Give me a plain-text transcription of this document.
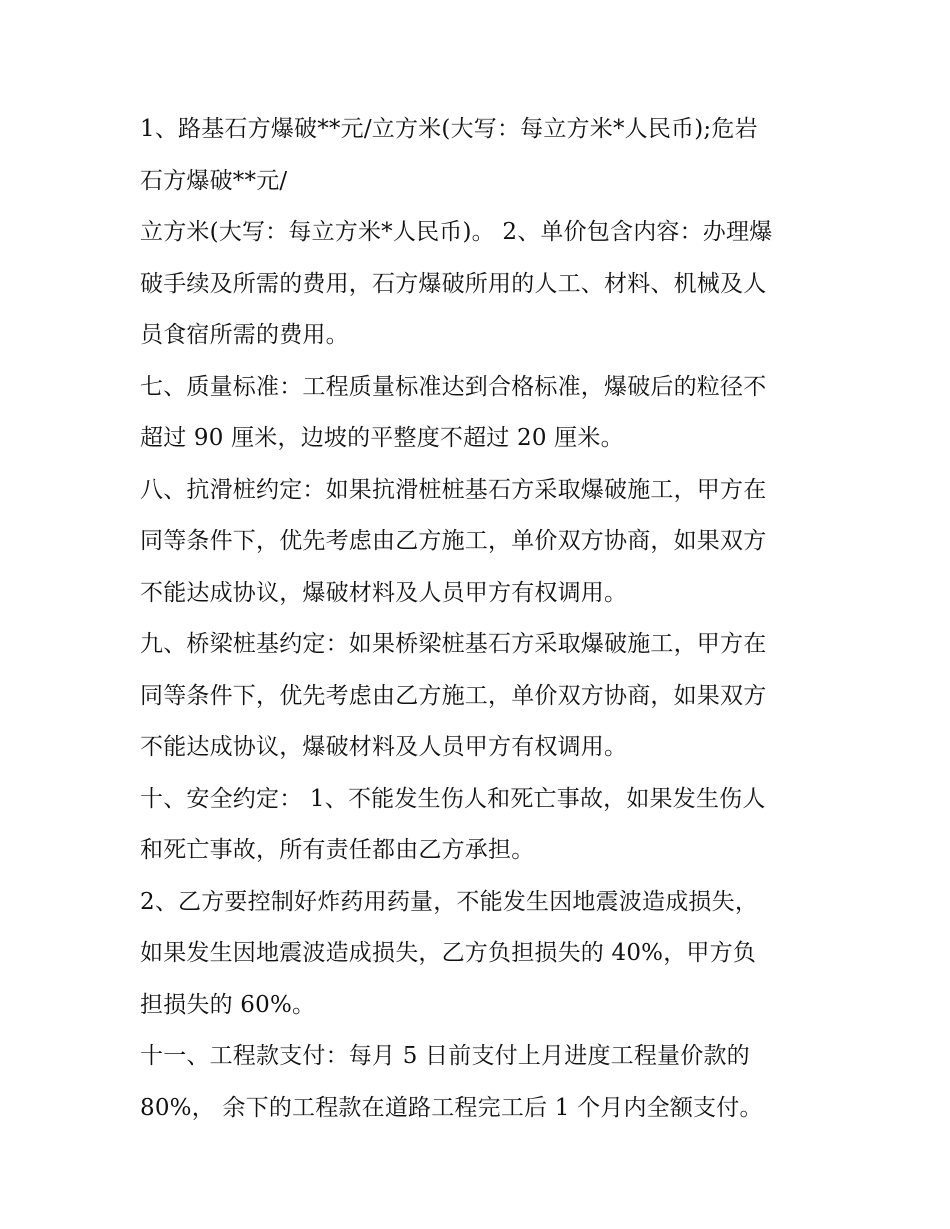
1、路基石方爆破**元/立方米(大写：每立方米*人民币);危岩
石方爆破**元/
立方米(大写：每立方米*人民币)。 2、单价包含内容：办理爆
破手续及所需的费用，石方爆破所用的人工、材料、机械及人
员食宿所需的费用。
七、质量标准：工程质量标准达到合格标准，爆破后的粒径不
超过 90 厘米，边坡的平整度不超过 20 厘米。
八、抗滑桩约定：如果抗滑桩桩基石方采取爆破施工，甲方在
同等条件下，优先考虑由乙方施工，单价双方协商，如果双方
不能达成协议，爆破材料及人员甲方有权调用。
九、桥梁桩基约定：如果桥梁桩基石方采取爆破施工，甲方在
同等条件下，优先考虑由乙方施工，单价双方协商，如果双方
不能达成协议，爆破材料及人员甲方有权调用。
十、安全约定： 1、不能发生伤人和死亡事故，如果发生伤人
和死亡事故，所有责任都由乙方承担。
2、乙方要控制好炸药用药量，不能发生因地震波造成损失，
如果发生因地震波造成损失，乙方负担损失的 40%，甲方负
担损失的 60%。
十一、工程款支付：每月 5 日前支付上月进度工程量价款的
80%， 余下的工程款在道路工程完工后 1 个月内全额支付。
